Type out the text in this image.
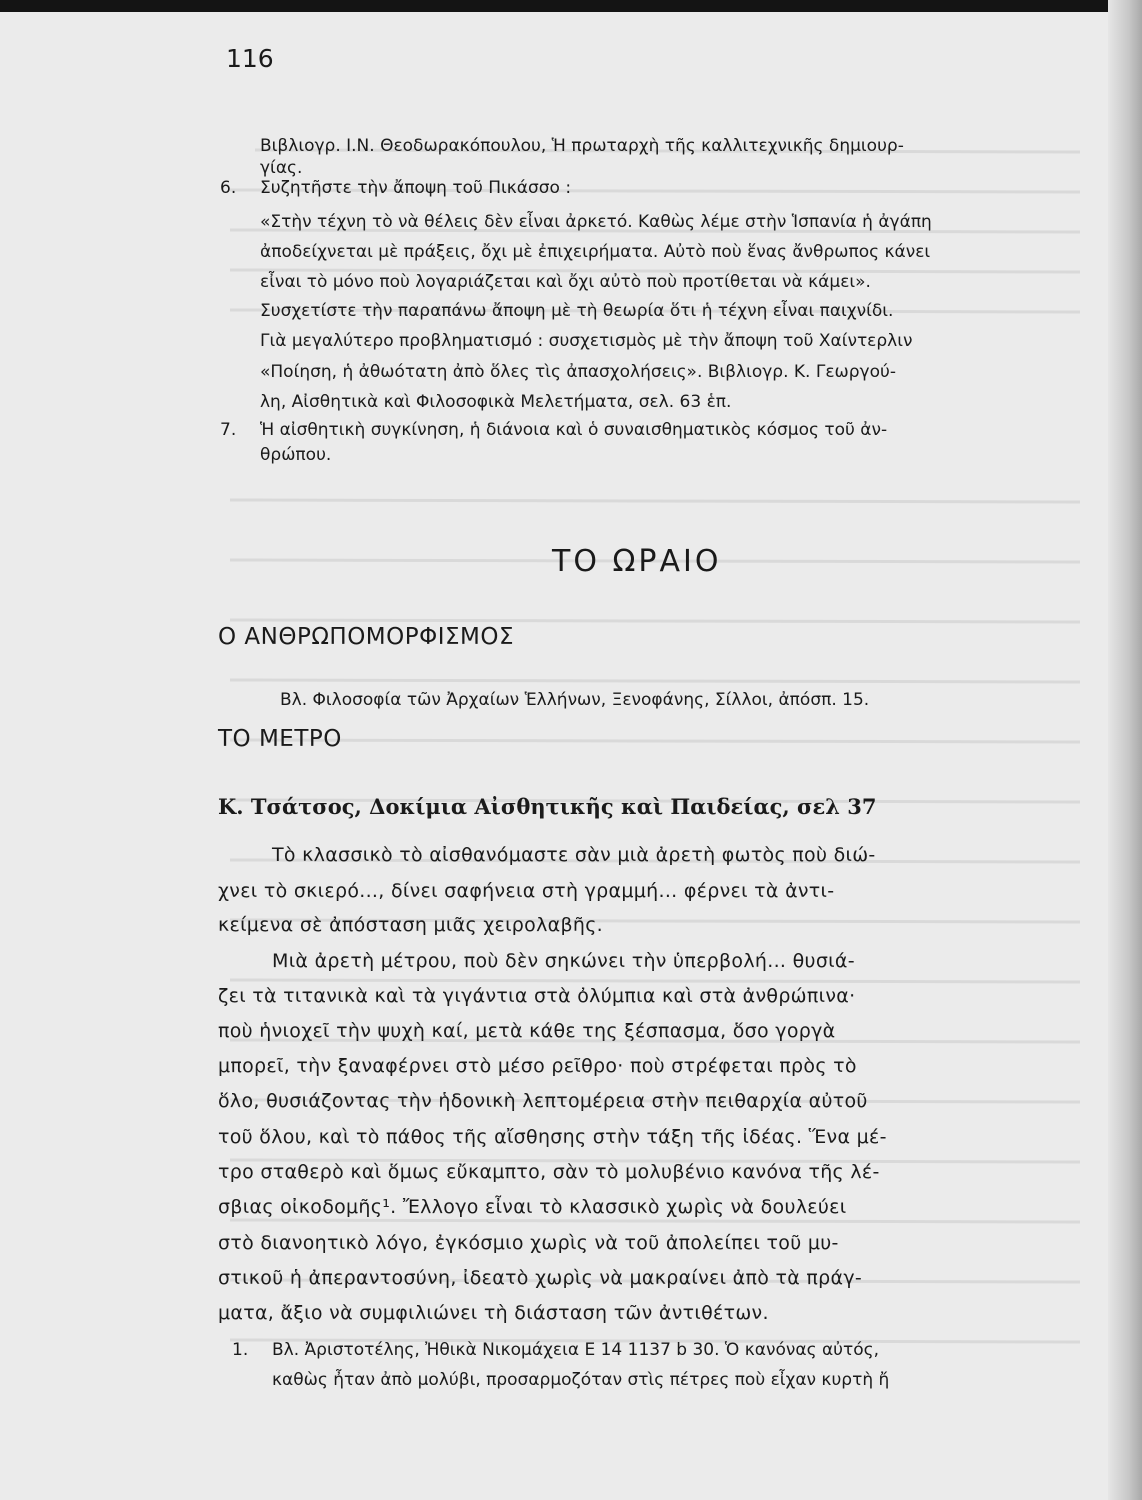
116
Βιβλιογρ. Ι.Ν. Θεοδωρακόπουλου, Ἡ πρωταρχὴ τῆς καλλιτεχνικῆς δημιουρ-
γίας.
6. Συζητῆστε τὴν ἄποψη τοῦ Πικάσσο :
«Στὴν τέχνη τὸ νὰ θέλεις δὲν εἶναι ἀρκετό. Καθὼς λέμε στὴν Ἱσπανία ἡ ἀγάπη
ἀποδείχνεται μὲ πράξεις, ὄχι μὲ ἐπιχειρήματα. Αὐτὸ ποὺ ἕνας ἄνθρωπος κάνει
εἶναι τὸ μόνο ποὺ λογαριάζεται καὶ ὄχι αὐτὸ ποὺ προτίθεται νὰ κάμει».
Συσχετίστε τὴν παραπάνω ἄποψη μὲ τὴ θεωρία ὅτι ἡ τέχνη εἶναι παιχνίδι.
Γιὰ μεγαλύτερο προβληματισμό : συσχετισμὸς μὲ τὴν ἄποψη τοῦ Χαίντερλιν
«Ποίηση, ἡ ἀθωότατη ἀπὸ ὅλες τὶς ἀπασχολήσεις». Βιβλιογρ. Κ. Γεωργού-
λη, Αἰσθητικὰ καὶ Φιλοσοφικὰ Μελετήματα, σελ. 63 ἑπ.
7. Ἡ αἰσθητικὴ συγκίνηση, ἡ διάνοια καὶ ὁ συναισθηματικὸς κόσμος τοῦ ἀν-
θρώπου.
ΤΟ ΩΡΑΙΟ
Ο ΑΝΘΡΩΠΟΜΟΡΦΙΣΜΟΣ
Βλ. Φιλοσοφία τῶν Ἀρχαίων Ἑλλήνων, Ξενοφάνης, Σίλλοι, ἀπόσπ. 15.
ΤΟ ΜΕΤΡΟ
Κ. Τσάτσος, Δοκίμια Αἰσθητικῆς καὶ Παιδείας, σελ 37
Τὸ κλασσικὸ τὸ αἰσθανόμαστε σὰν μιὰ ἀρετὴ φωτὸς ποὺ διώ-
χνει τὸ σκιερό..., δίνει σαφήνεια στὴ γραμμή... φέρνει τὰ ἀντι-
κείμενα σὲ ἀπόσταση μιᾶς χειρολαβῆς.
Μιὰ ἀρετὴ μέτρου, ποὺ δὲν σηκώνει τὴν ὑπερβολή... θυσιά-
ζει τὰ τιτανικὰ καὶ τὰ γιγάντια στὰ ὀλύμπια καὶ στὰ ἀνθρώπινα·
ποὺ ἡνιοχεῖ τὴν ψυχὴ καί, μετὰ κάθε της ξέσπασμα, ὅσο γοργὰ
μπορεῖ, τὴν ξαναφέρνει στὸ μέσο ρεῖθρο· ποὺ στρέφεται πρὸς τὸ
ὅλο, θυσιάζοντας τὴν ἡδονικὴ λεπτομέρεια στὴν πειθαρχία αὐτοῦ
τοῦ ὅλου, καὶ τὸ πάθος τῆς αἴσθησης στὴν τάξη τῆς ἰδέας. Ἕνα μέ-
τρο σταθερὸ καὶ ὅμως εὔκαμπτο, σὰν τὸ μολυβένιο κανόνα τῆς λέ-
σβιας οἰκοδομῆς¹. Ἔλλογο εἶναι τὸ κλασσικὸ χωρὶς νὰ δουλεύει
στὸ διανοητικὸ λόγο, ἐγκόσμιο χωρὶς νὰ τοῦ ἀπολείπει τοῦ μυ-
στικοῦ ἡ ἀπεραντοσύνη, ἰδεατὸ χωρὶς νὰ μακραίνει ἀπὸ τὰ πράγ-
ματα, ἄξιο νὰ συμφιλιώνει τὴ διάσταση τῶν ἀντιθέτων.
1. Βλ. Ἀριστοτέλης, Ἠθικὰ Νικομάχεια Ε 14 1137 b 30. Ὁ κανόνας αὐτός,
καθὼς ἦταν ἀπὸ μολύβι, προσαρμοζόταν στὶς πέτρες ποὺ εἶχαν κυρτὴ ἤ
